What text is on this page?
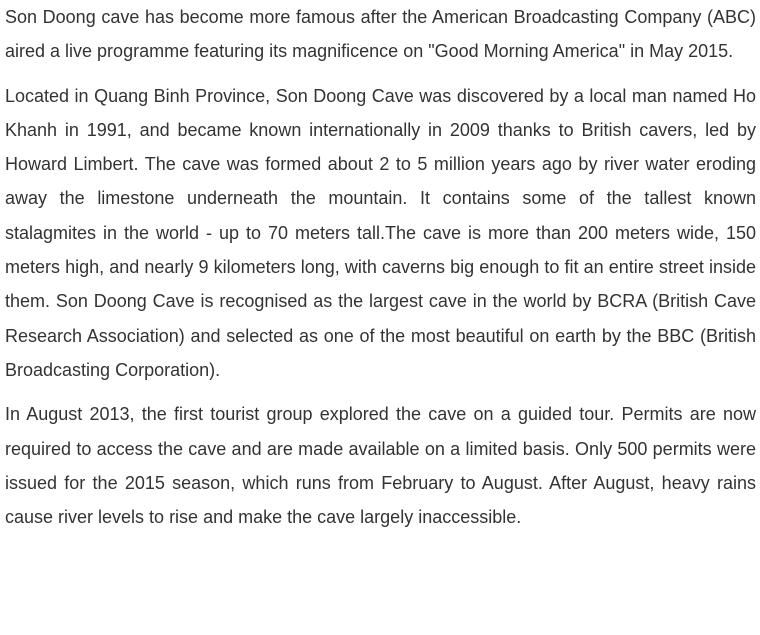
Son Doong cave has become more famous after the American Broadcasting Company (ABC) aired a live programme featuring its magnificence on "Good Morning America" in May 2015.

Located in Quang Binh Province, Son Doong Cave was discovered by a local man named Ho Khanh in 1991, and became known internationally in 2009 thanks to British cavers, led by Howard Limbert. The cave was formed about 2 to 5 million years ago by river water eroding away the limestone underneath the mountain. It contains some of the tallest known stalagmites in the world - up to 70 meters tall.The cave is more than 200 meters wide, 150 meters high, and nearly 9 kilometers long, with caverns big enough to fit an entire street inside them. Son Doong Cave is recognised as the largest cave in the world by BCRA (British Cave Research Association) and selected as one of the most beautiful on earth by the BBC (British Broadcasting Corporation).

In August 2013, the first tourist group explored the cave on a guided tour. Permits are now required to access the cave and are made available on a limited basis. Only 500 permits were issued for the 2015 season, which runs from February to August. After August, heavy rains cause river levels to rise and make the cave largely inaccessible.
